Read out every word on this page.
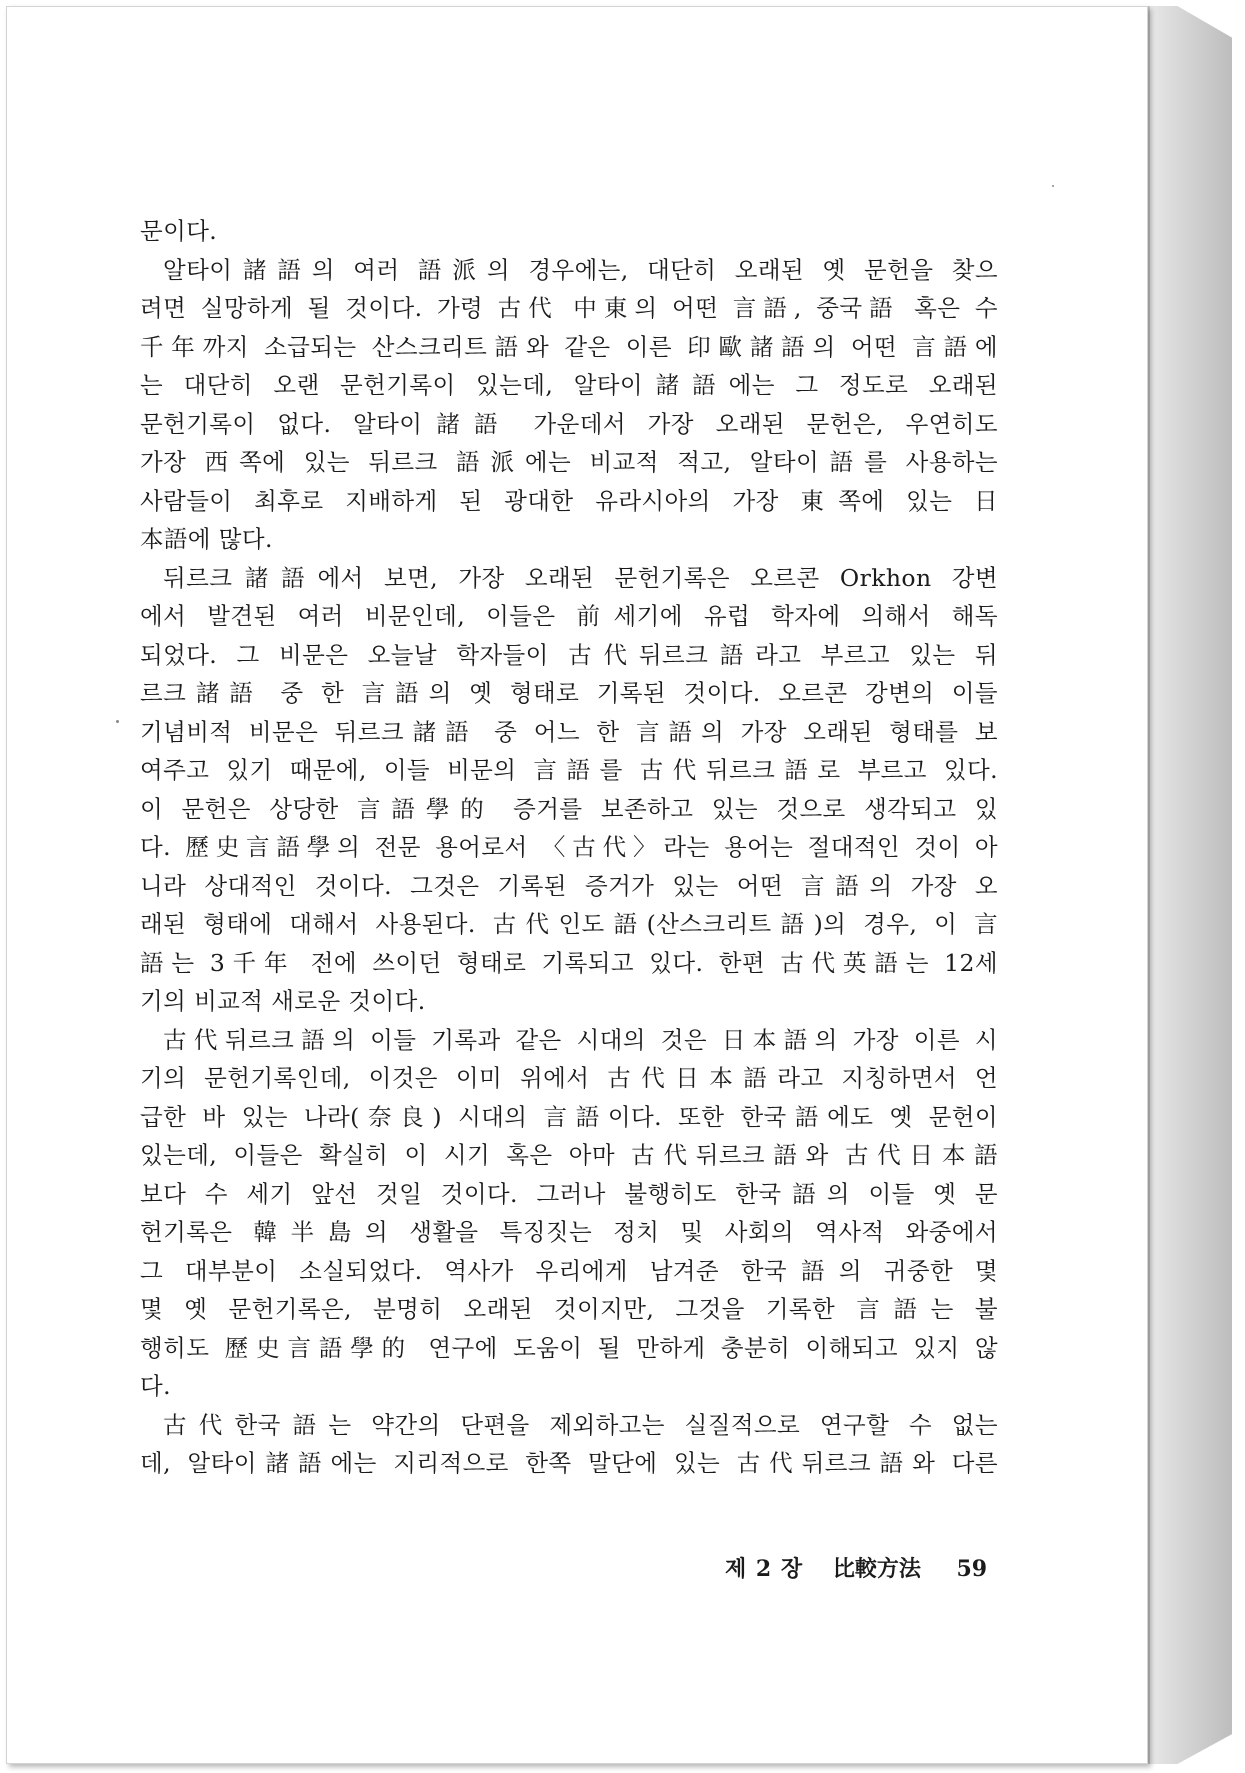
문이다.
알타이諸語의 여러 語派의 경우에는, 대단히 오래된 옛 문헌을 찾으
려면 실망하게 될 것이다. 가령 古代 中東의 어떤 言語, 중국語 혹은 수
千年까지 소급되는 산스크리트語와 같은 이른 印歐諸語의 어떤 言語에
는 대단히 오랜 문헌기록이 있는데, 알타이諸語에는 그 정도로 오래된
문헌기록이 없다. 알타이諸語 가운데서 가장 오래된 문헌은, 우연히도
가장 西쪽에 있는 뒤르크 語派에는 비교적 적고, 알타이語를 사용하는
사람들이 최후로 지배하게 된 광대한 유라시아의 가장 東쪽에 있는 日
本語에 많다.
뒤르크諸語에서 보면, 가장 오래된 문헌기록은 오르콘 Orkhon 강변
에서 발견된 여러 비문인데, 이들은 前세기에 유럽 학자에 의해서 해독
되었다. 그 비문은 오늘날 학자들이 古代뒤르크語라고 부르고 있는 뒤
르크諸語 중 한 言語의 옛 형태로 기록된 것이다. 오르콘 강변의 이들
기념비적 비문은 뒤르크諸語 중 어느 한 言語의 가장 오래된 형태를 보
여주고 있기 때문에, 이들 비문의 言語를 古代뒤르크語로 부르고 있다.
이 문헌은 상당한 言語學的 증거를 보존하고 있는 것으로 생각되고 있
다. 歷史言語學의 전문 용어로서 〈古代〉라는 용어는 절대적인 것이 아
니라 상대적인 것이다. 그것은 기록된 증거가 있는 어떤 言語의 가장 오
래된 형태에 대해서 사용된다. 古代인도語(산스크리트語)의 경우, 이 言
語는 3千年 전에 쓰이던 형태로 기록되고 있다. 한편 古代英語는 12세
기의 비교적 새로운 것이다.
古代뒤르크語의 이들 기록과 같은 시대의 것은 日本語의 가장 이른 시
기의 문헌기록인데, 이것은 이미 위에서 古代日本語라고 지칭하면서 언
급한 바 있는 나라(奈良) 시대의 言語이다. 또한 한국語에도 옛 문헌이
있는데, 이들은 확실히 이 시기 혹은 아마 古代뒤르크語와 古代日本語
보다 수 세기 앞선 것일 것이다. 그러나 불행히도 한국語의 이들 옛 문
헌기록은 韓半島의 생활을 특징짓는 정치 및 사회의 역사적 와중에서
그 대부분이 소실되었다. 역사가 우리에게 남겨준 한국語의 귀중한 몇
몇 옛 문헌기록은, 분명히 오래된 것이지만, 그것을 기록한 言語는 불
행히도 歷史言語學的 연구에 도움이 될 만하게 충분히 이해되고 있지 않
다.
古代한국語는 약간의 단편을 제외하고는 실질적으로 연구할 수 없는
데, 알타이諸語에는 지리적으로 한쪽 말단에 있는 古代뒤르크語와 다른
제 2 장 比較方法 59
